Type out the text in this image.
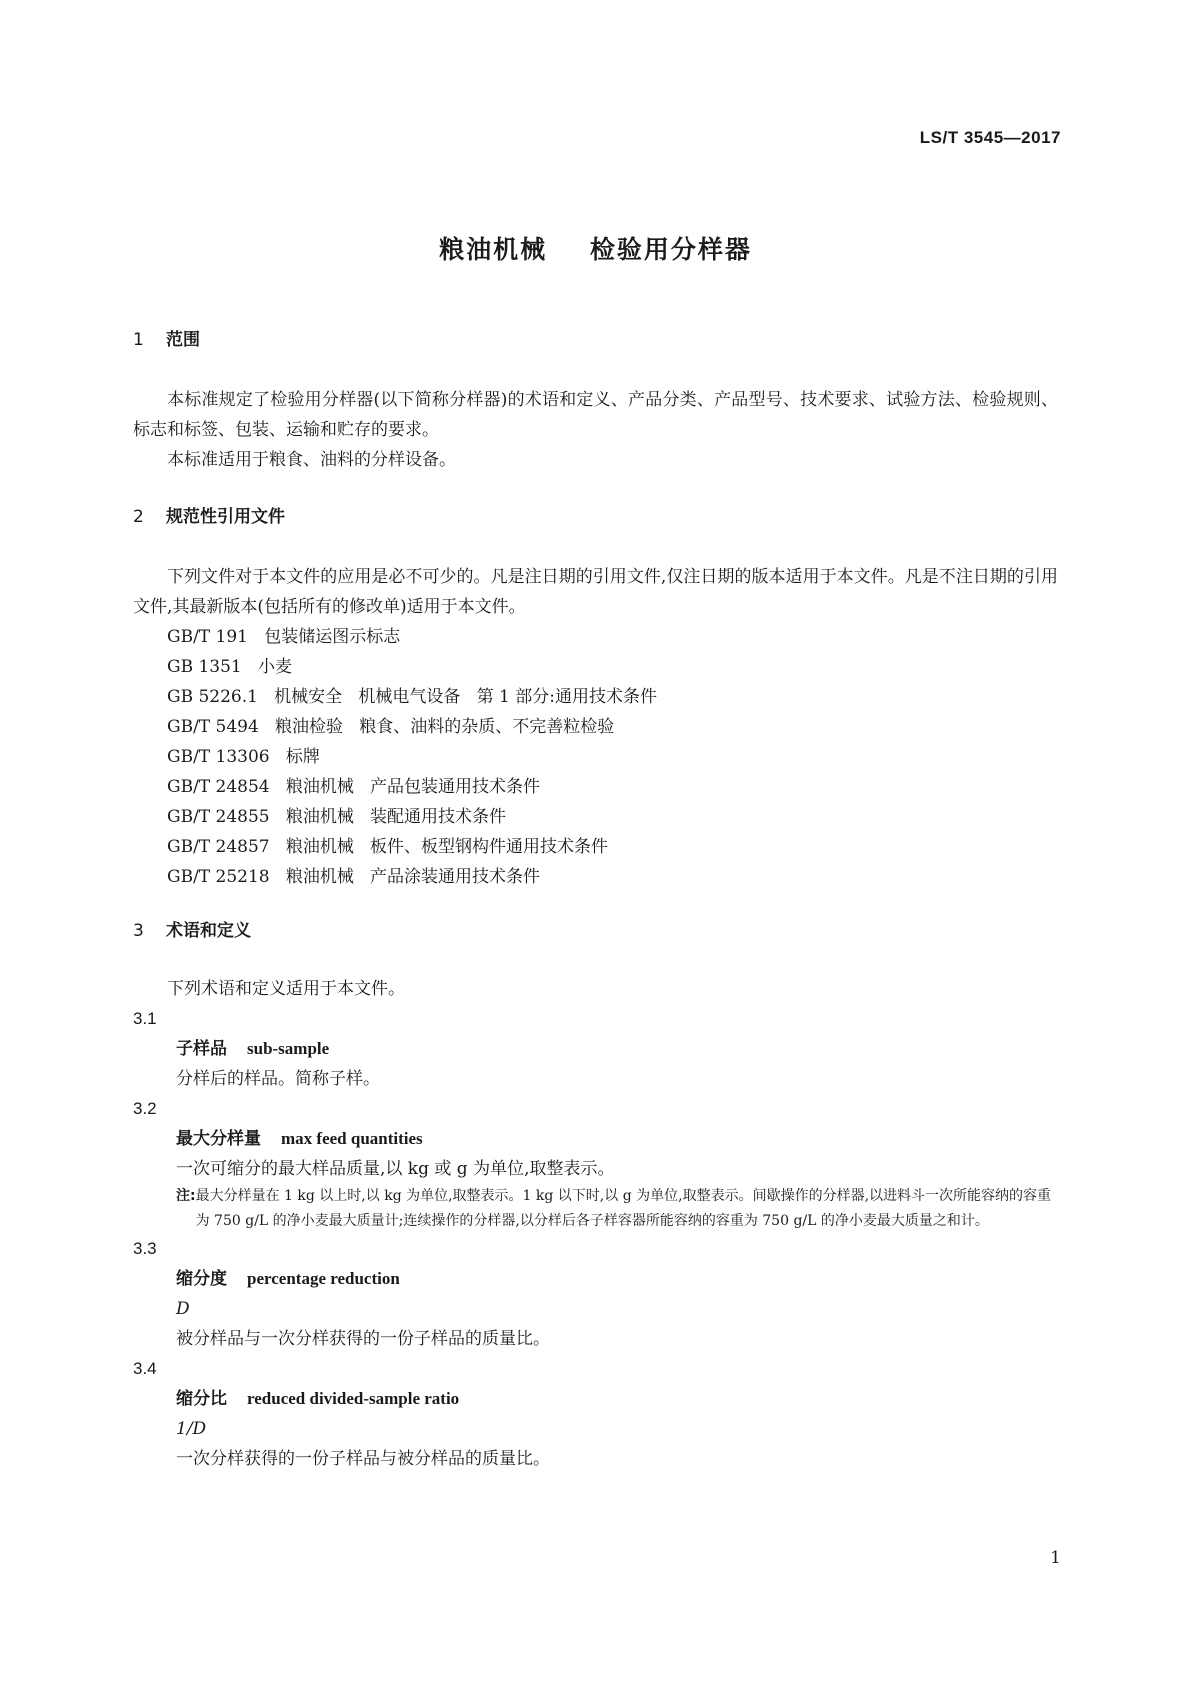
LS/T 3545—2017
粮油机械    检验用分样器
1	范围

本标准规定了检验用分样器(以下简称分样器)的术语和定义、产品分类、产品型号、技术要求、试验方法、检验规则、标志和标签、包装、运输和贮存的要求。

本标准适用于粮食、油料的分样设备。

2	规范性引用文件

下列文件对于本文件的应用是必不可少的。凡是注日期的引用文件,仅注日期的版本适用于本文件。凡是不注日期的引用文件,其最新版本(包括所有的修改单)适用于本文件。

GB/T 191   包装储运图示标志
GB 1351   小麦
GB 5226.1   机械安全   机械电气设备   第 1 部分:通用技术条件
GB/T 5494   粮油检验   粮食、油料的杂质、不完善粒检验
GB/T 13306   标牌
GB/T 24854   粮油机械   产品包装通用技术条件
GB/T 24855   粮油机械   装配通用技术条件
GB/T 24857   粮油机械   板件、板型钢构件通用技术条件
GB/T 25218   粮油机械   产品涂装通用技术条件
3	术语和定义

下列术语和定义适用于本文件。

3.1
子样品 sub-sample
分样后的样品。简称子样。
3.2
最大分样量 max feed quantities
一次可缩分的最大样品质量,以 kg 或 g 为单位,取整表示。
注: 最大分样量在 1 kg 以上时,以 kg 为单位,取整表示。1 kg 以下时,以 g 为单位,取整表示。间歇操作的分样器,以进料斗一次所能容纳的容重为 750 g/L 的净小麦最大质量计;连续操作的分样器,以分样后各子样容器所能容纳的容重为 750 g/L 的净小麦最大质量之和计。
3.3
缩分度 percentage reduction
D
被分样品与一次分样获得的一份子样品的质量比。
3.4
缩分比 reduced divided-sample ratio
1/D
一次分样获得的一份子样品与被分样品的质量比。
1
